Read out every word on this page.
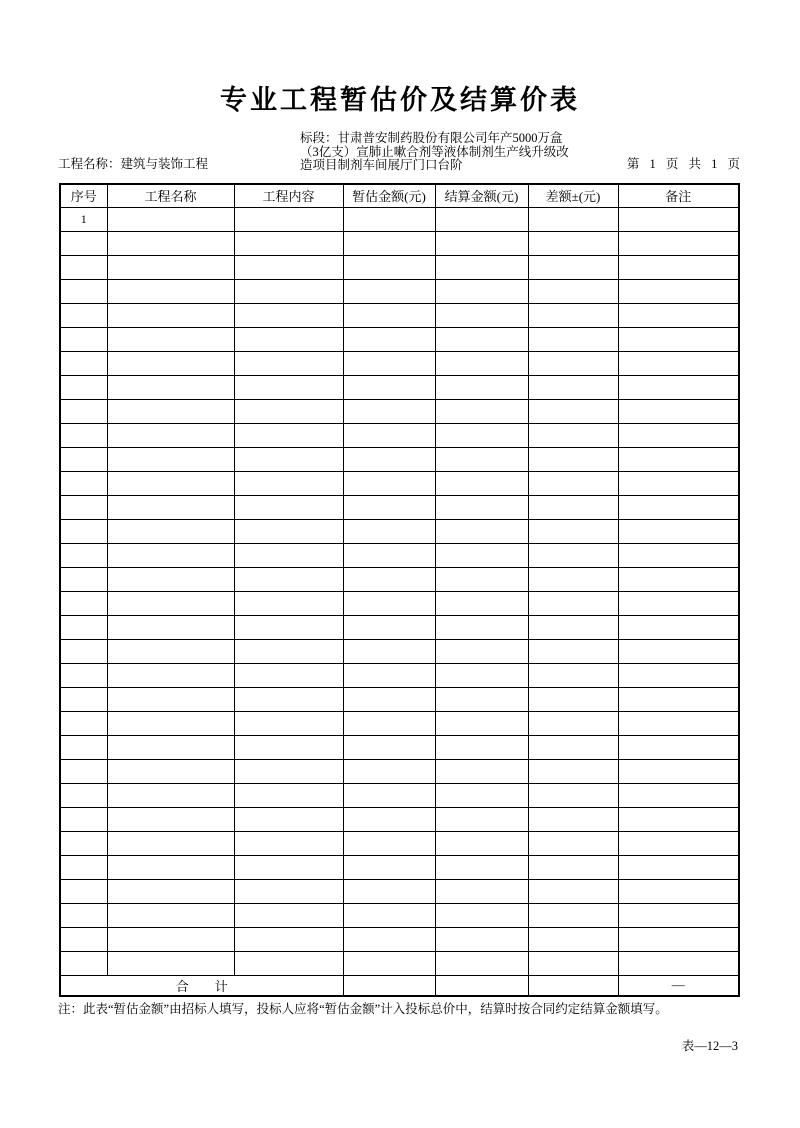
专业工程暂估价及结算价表
工程名称：建筑与装饰工程
标段：甘肃普安制药股份有限公司年产5000万盒
（3亿支）宣肺止嗽合剂等液体制剂生产线升级改
造项目制剂车间展厅门口台阶	第 1 页 共 1 页
序号	工程名称	工程内容	暂估金额(元)	结算金额(元)	差额±(元)	备注
1						

合　　计						—
注：此表“暂估金额”由招标人填写，投标人应将“暂估金额”计入投标总价中，结算时按合同约定结算金额填写。
表—12—3
